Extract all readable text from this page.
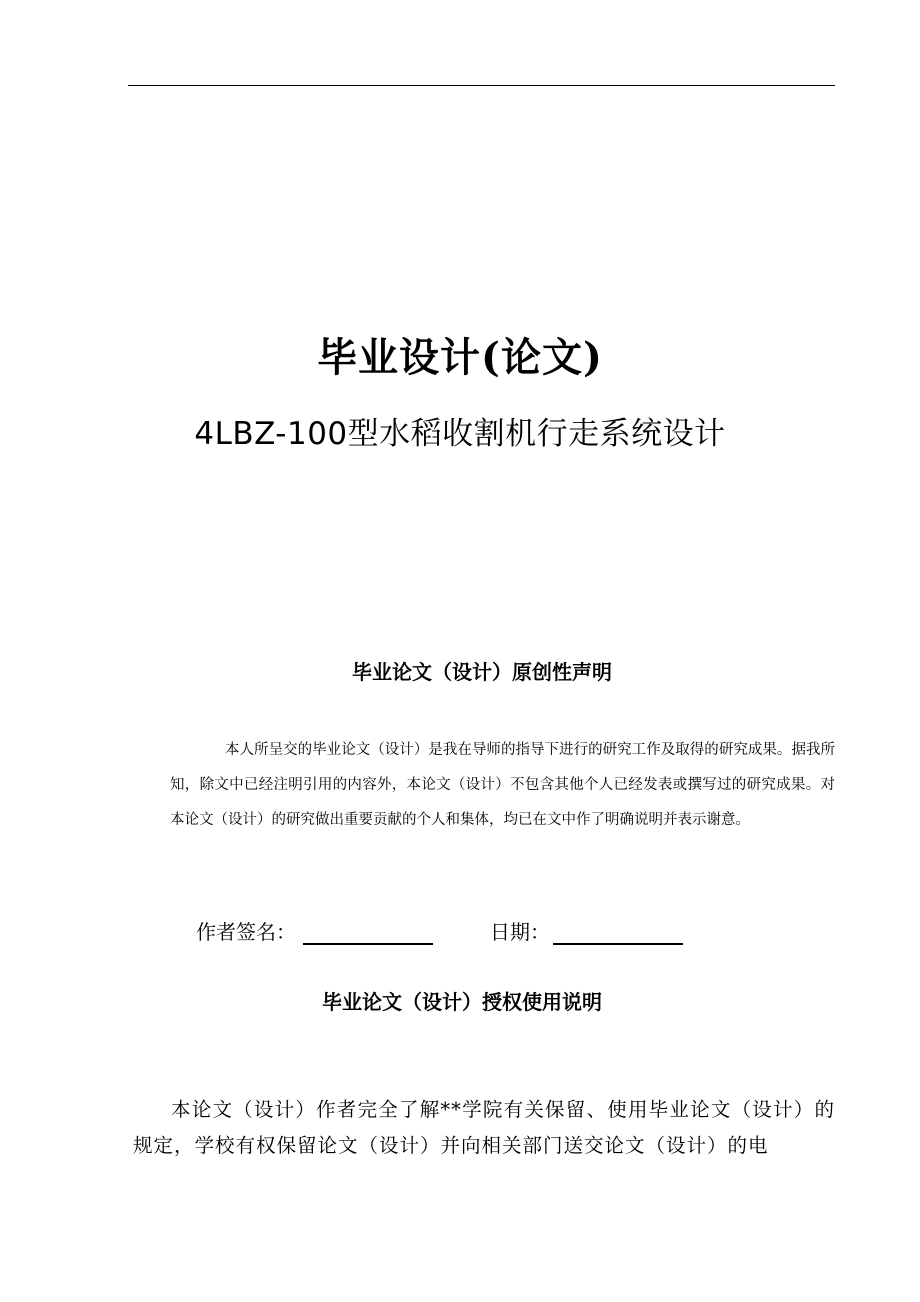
毕业设计(论文)
4LBZ-100型水稻收割机行走系统设计
毕业论文（设计）原创性声明
本人所呈交的毕业论文（设计）是我在导师的指导下进行的研究工作及取得的研究成果。据我所知，除文中已经注明引用的内容外，本论文（设计）不包含其他个人已经发表或撰写过的研究成果。对本论文（设计）的研究做出重要贡献的个人和集体，均已在文中作了明确说明并表示谢意。
作者签名：	日期：
毕业论文（设计）授权使用说明
本论文（设计）作者完全了解**学院有关保留、使用毕业论文（设计）的规定，学校有权保留论文（设计）并向相关部门送交论文（设计）的电
